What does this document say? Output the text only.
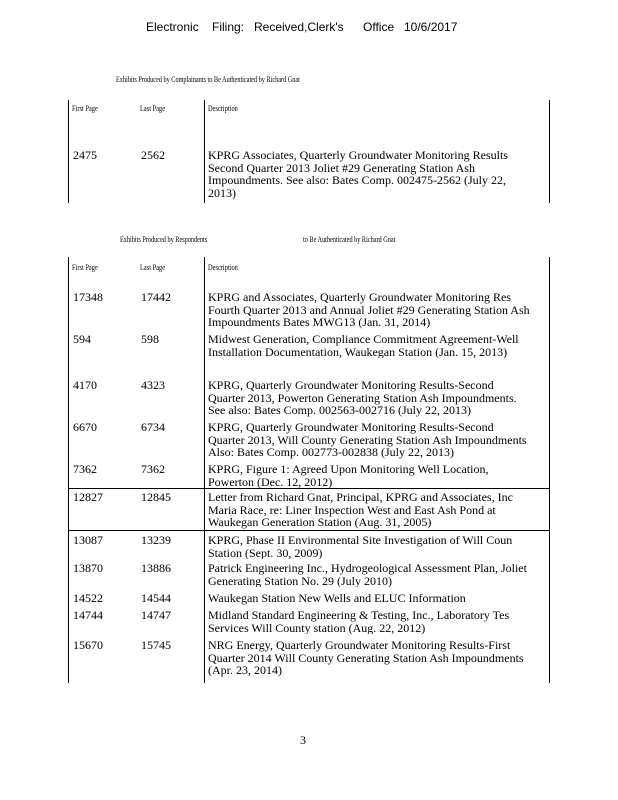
Electronic Filing: Received,Clerk's Office 10/6/2017
Exhibits Produced by Complainants to Be Authenticated by Richard Gnat
First Page	Last Page	Description
2475	2562	KPRG Associates, Quarterly Groundwater Monitoring Results
Second Quarter 2013 Joliet #29 Generating Station Ash
Impoundments. See also: Bates Comp. 002475-2562 (July 22,
2013)
Exhibits Produced by Respondents	to Be Authenticated by Richard Gnat
First Page	Last Page	Description
17348	17442	KPRG and Associates, Quarterly Groundwater Monitoring Res
Fourth Quarter 2013 and Annual Joliet #29 Generating Station Ash
Impoundments Bates MWG13 (Jan. 31, 2014)
594	598	Midwest Generation, Compliance Commitment Agreement-Well
Installation Documentation, Waukegan Station (Jan. 15, 2013)
4170	4323	KPRG, Quarterly Groundwater Monitoring Results-Second
Quarter 2013, Powerton Generating Station Ash Impoundments.
See also: Bates Comp. 002563-002716 (July 22, 2013)
6670	6734	KPRG, Quarterly Groundwater Monitoring Results-Second
Quarter 2013, Will County Generating Station Ash Impoundments
Also: Bates Comp. 002773-002838 (July 22, 2013)
7362	7362	KPRG, Figure 1: Agreed Upon Monitoring Well Location,
Powerton (Dec. 12, 2012)
12827	12845	Letter from Richard Gnat, Principal, KPRG and Associates, Inc
Maria Race, re: Liner Inspection West and East Ash Pond at
Waukegan Generation Station (Aug. 31, 2005)
13087	13239	KPRG, Phase II Environmental Site Investigation of Will Coun
Station (Sept. 30, 2009)
13870	13886	Patrick Engineering Inc., Hydrogeological Assessment Plan, Joliet
Generating Station No. 29 (July 2010)
14522	14544	Waukegan Station New Wells and ELUC Information
14744	14747	Midland Standard Engineering & Testing, Inc., Laboratory Tes
Services Will County station (Aug. 22, 2012)
15670	15745	NRG Energy, Quarterly Groundwater Monitoring Results-First
Quarter 2014 Will County Generating Station Ash Impoundments
(Apr. 23, 2014)
3
